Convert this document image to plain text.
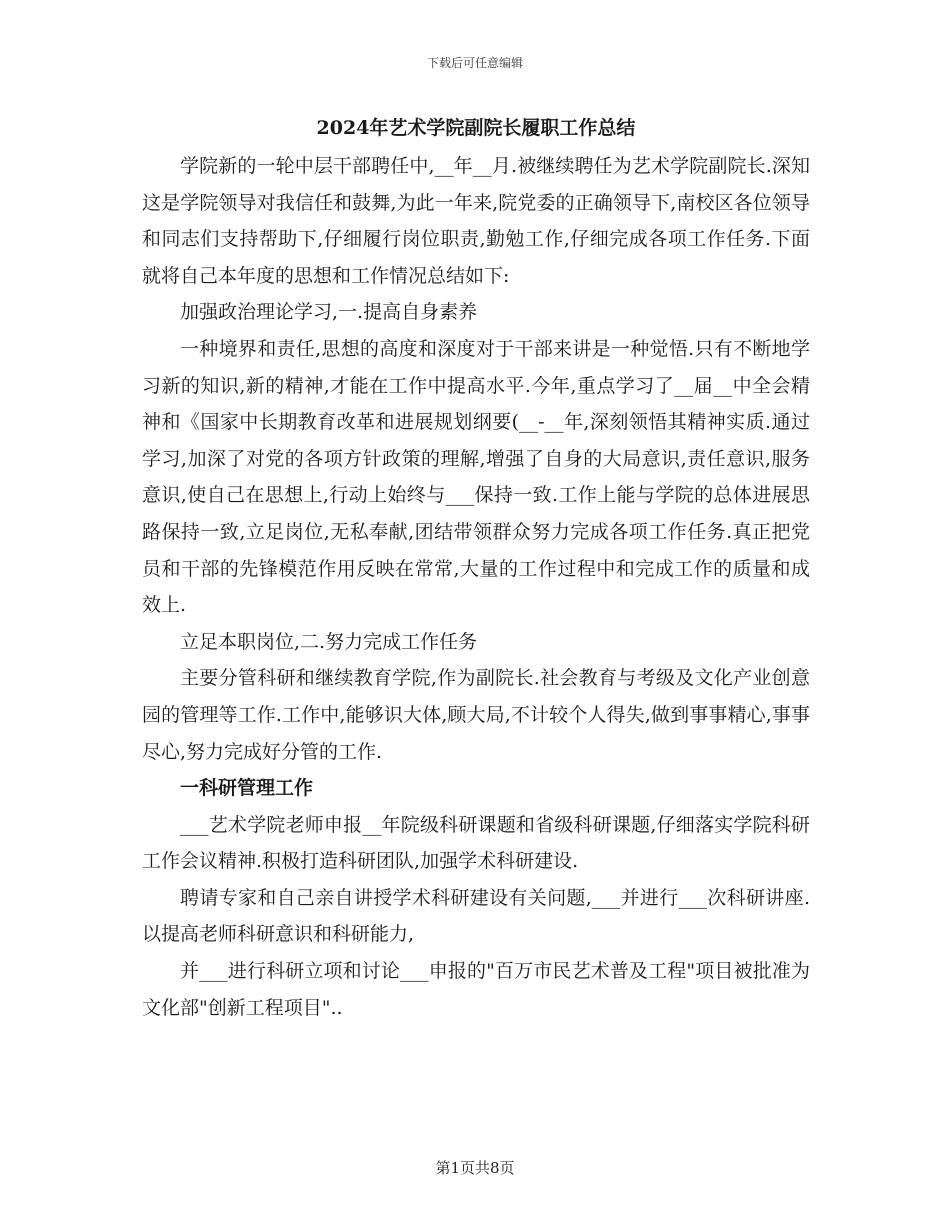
下载后可任意编辑
2024年艺术学院副院长履职工作总结

学院新的一轮中层干部聘任中,__年__月.被继续聘任为艺术学院副院长.深知这是学院领导对我信任和鼓舞,为此一年来,院党委的正确领导下,南校区各位领导和同志们支持帮助下,仔细履行岗位职责,勤勉工作,仔细完成各项工作任务.下面就将自己本年度的思想和工作情况总结如下:

加强政治理论学习,一.提高自身素养

一种境界和责任,思想的高度和深度对于干部来讲是一种觉悟.只有不断地学习新的知识,新的精神,才能在工作中提高水平.今年,重点学习了__届__中全会精神和《国家中长期教育改革和进展规划纲要(__-__年,深刻领悟其精神实质.通过学习,加深了对党的各项方针政策的理解,增强了自身的大局意识,责任意识,服务意识,使自己在思想上,行动上始终与___保持一致.工作上能与学院的总体进展思路保持一致,立足岗位,无私奉献,团结带领群众努力完成各项工作任务.真正把党员和干部的先锋模范作用反映在常常,大量的工作过程中和完成工作的质量和成效上.

立足本职岗位,二.努力完成工作任务

主要分管科研和继续教育学院,作为副院长.社会教育与考级及文化产业创意园的管理等工作.工作中,能够识大体,顾大局,不计较个人得失,做到事事精心,事事尽心,努力完成好分管的工作.

一科研管理工作

___艺术学院老师申报__年院级科研课题和省级科研课题,仔细落实学院科研工作会议精神.积极打造科研团队,加强学术科研建设.

聘请专家和自己亲自讲授学术科研建设有关问题,___并进行___次科研讲座.以提高老师科研意识和科研能力,

并___进行科研立项和讨论___申报的"百万市民艺术普及工程"项目被批准为文化部"创新工程项目"..

第1页共8页
